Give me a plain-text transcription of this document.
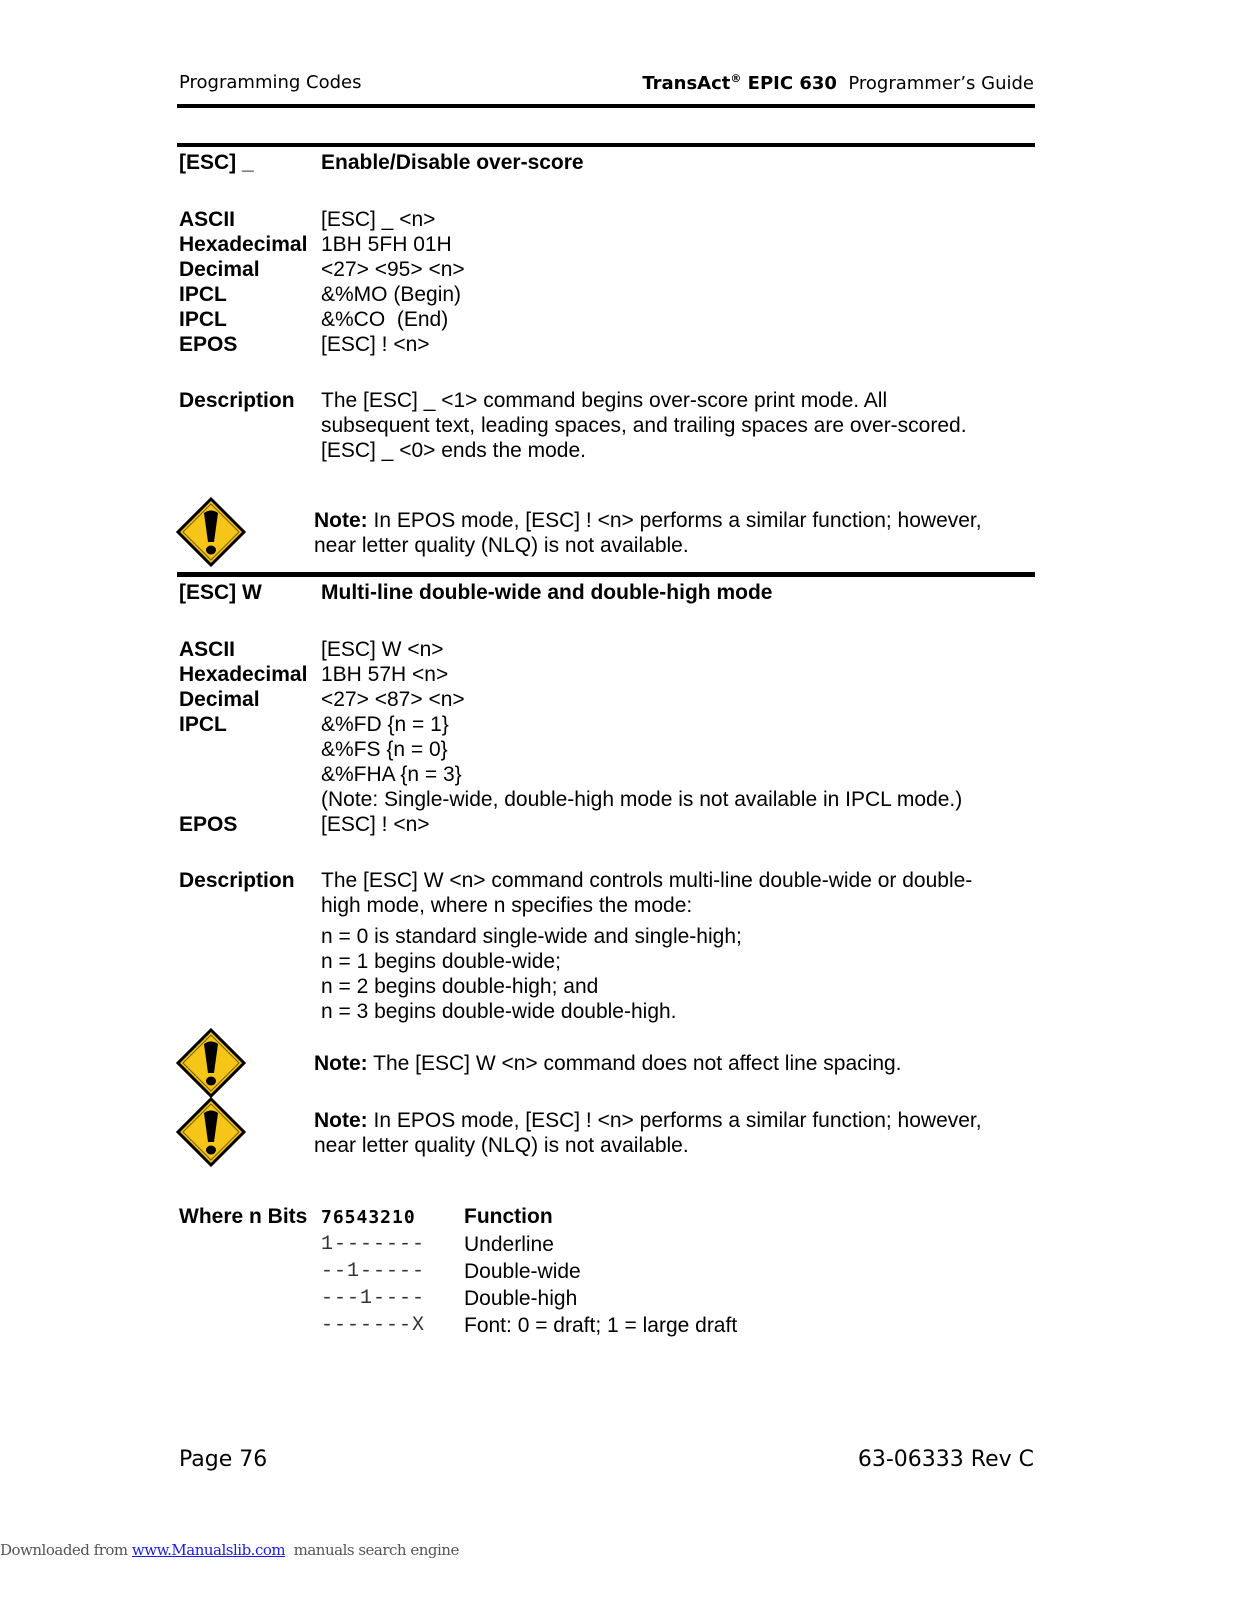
Programming Codes	TransAct® EPIC 630 Programmer’s Guide
[ESC] _	Enable/Disable over-score
ASCII	[ESC] _ <n>
Hexadecimal 1BH 5FH 01H
Decimal	<27> <95> <n>
IPCL	&%MO (Begin)
IPCL	&%CO  (End)
EPOS	[ESC] ! <n>
Description The [ESC] _ <1> command begins over-score print mode. All
subsequent text, leading spaces, and trailing spaces are over-scored.
[ESC] _ <0> ends the mode.
Note: In EPOS mode, [ESC] ! <n> performs a similar function; however,
near letter quality (NLQ) is not available.
[ESC] W	Multi-line double-wide and double-high mode
ASCII	[ESC] W <n>
Hexadecimal 1BH 57H <n>
Decimal	<27> <87> <n>
IPCL	&%FD {n = 1}
&%FS {n = 0}
&%FHA {n = 3}
(Note: Single-wide, double-high mode is not available in IPCL mode.)
EPOS	[ESC] ! <n>
Description The [ESC] W <n> command controls multi-line double-wide or double-
high mode, where n specifies the mode:
n = 0 is standard single-wide and single-high;
n = 1 begins double-wide;
n = 2 begins double-high; and
n = 3 begins double-wide double-high.
Note: The [ESC] W <n> command does not affect line spacing.
Note: In EPOS mode, [ESC] ! <n> performs a similar function; however,
near letter quality (NLQ) is not available.
Where n Bits 76543210 Function
1------- Underline
--1----- Double-wide
---1---- Double-high
-------X Font: 0 = draft; 1 = large draft
Page 76	63-06333 Rev C
Downloaded from www.Manualslib.com  manuals search engine
